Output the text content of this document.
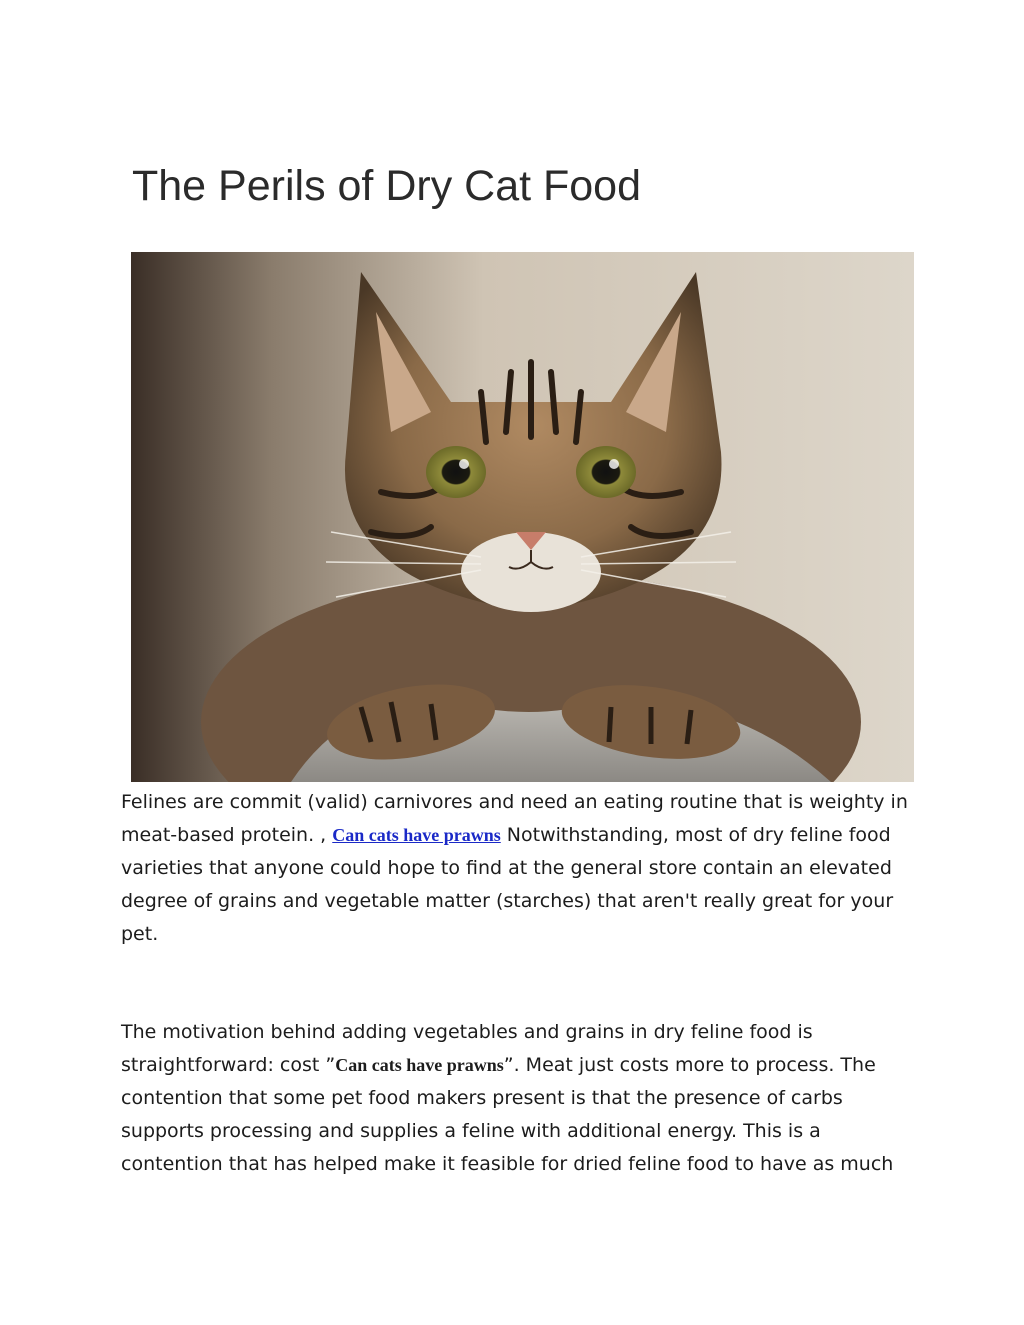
The Perils of Dry Cat Food

Felines are commit (valid) carnivores and need an eating routine that is weighty in meat-based protein. , Can cats have prawns Notwithstanding, most of dry feline food varieties that anyone could hope to find at the general store contain an elevated degree of grains and vegetable matter (starches) that aren't really great for your pet.

The motivation behind adding vegetables and grains in dry feline food is straightforward: cost ”Can cats have prawns”. Meat just costs more to process. The contention that some pet food makers present is that the presence of carbs supports processing and supplies a feline with additional energy. This is a contention that has helped make it feasible for dried feline food to have as much
